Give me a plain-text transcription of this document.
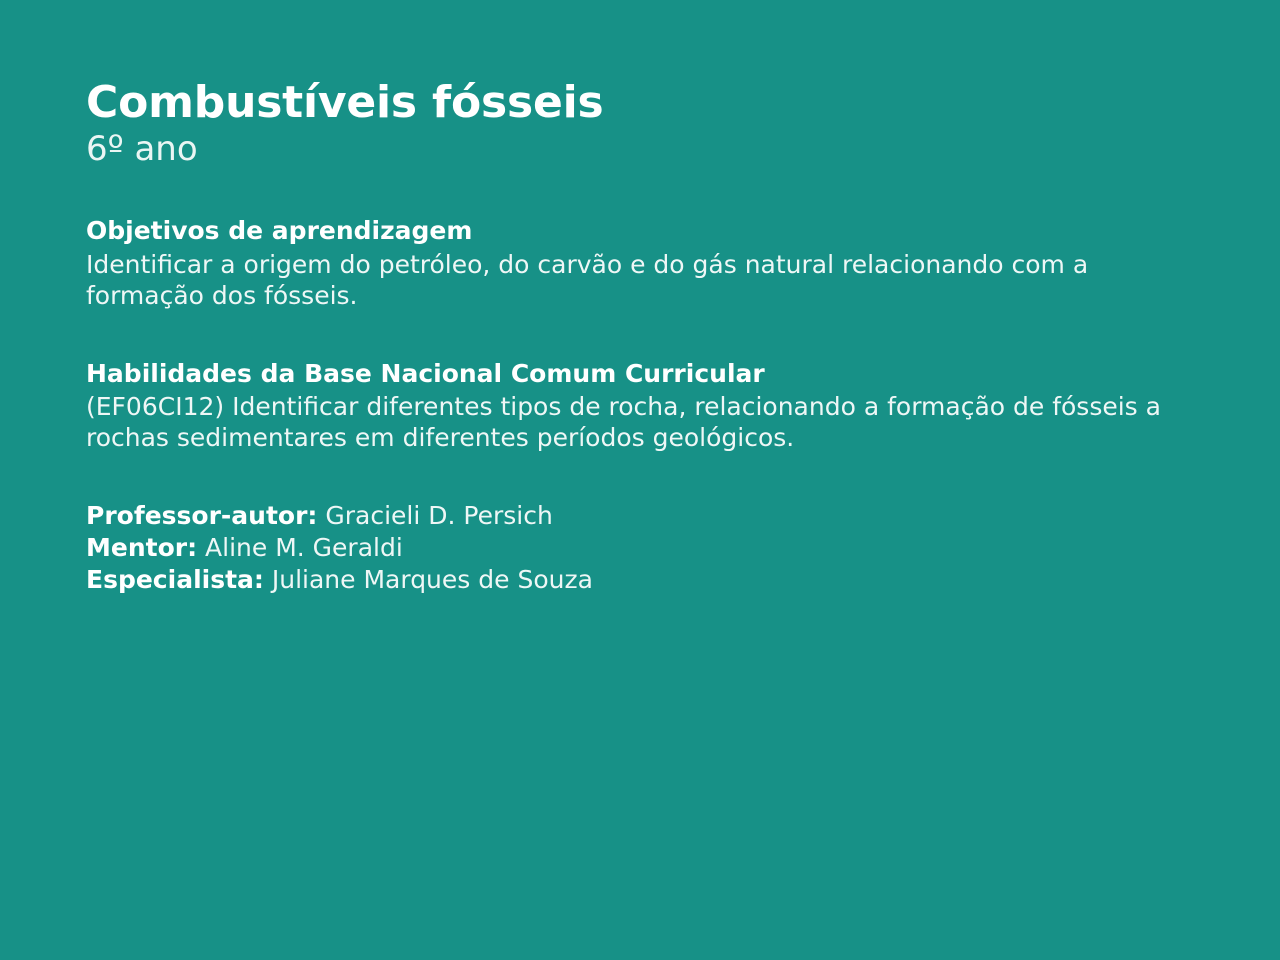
Combustíveis fósseis
6º ano

Objetivos de aprendizagem

Identificar a origem do petróleo, do carvão e do gás natural relacionando com a formação dos fósseis.

Habilidades da Base Nacional Comum Curricular

(EF06CI12) Identificar diferentes tipos de rocha, relacionando a formação de fósseis a rochas sedimentares em diferentes períodos geológicos.

Professor-autor: Gracieli D. Persich

Mentor: Aline M. Geraldi

Especialista: Juliane Marques de Souza
